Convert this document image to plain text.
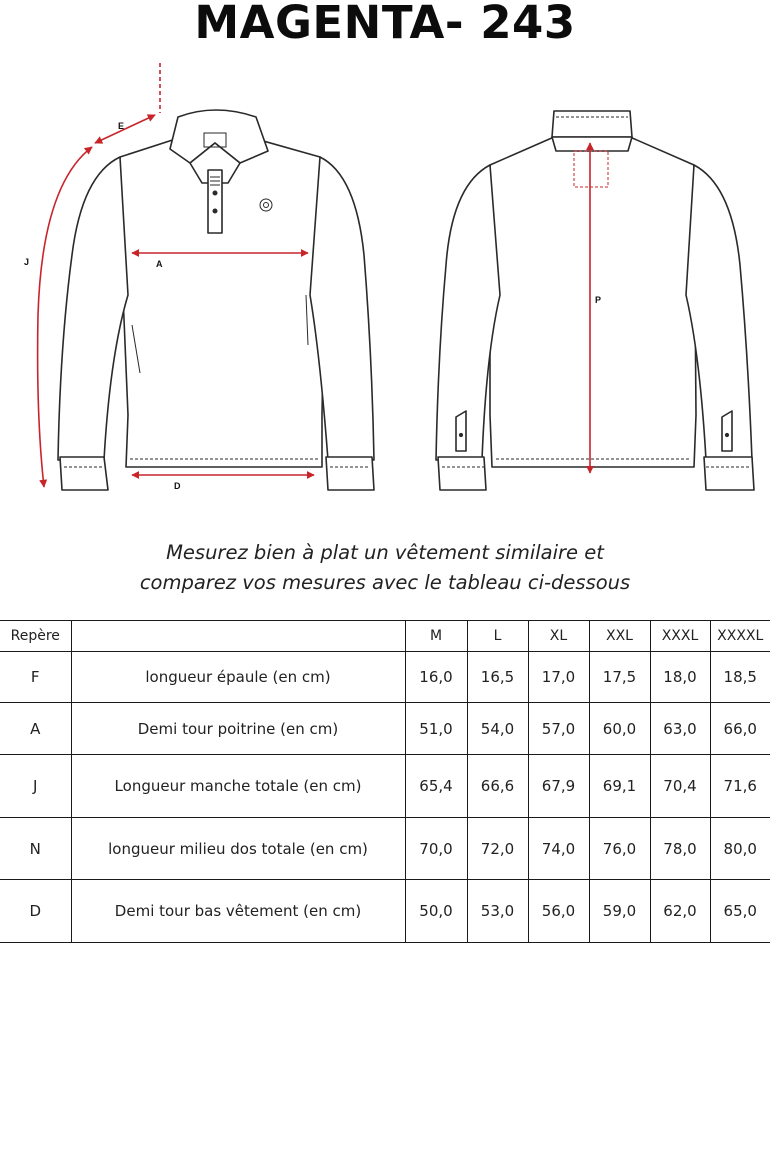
MAGENTA- 243
E
J	A
D
P
Mesurez bien à plat un vêtement similaire et
comparez vos mesures avec le tableau ci-dessous
Repère		M	L	XL	XXL	XXXL	XXXXL
F	longueur épaule (en cm)	16,0	16,5	17,0	17,5	18,0	18,5
A	Demi tour poitrine (en cm)	51,0	54,0	57,0	60,0	63,0	66,0
J	Longueur manche totale (en cm)	65,4	66,6	67,9	69,1	70,4	71,6
N	longueur milieu dos totale (en cm)	70,0	72,0	74,0	76,0	78,0	80,0
D	Demi tour bas vêtement (en cm)	50,0	53,0	56,0	59,0	62,0	65,0
